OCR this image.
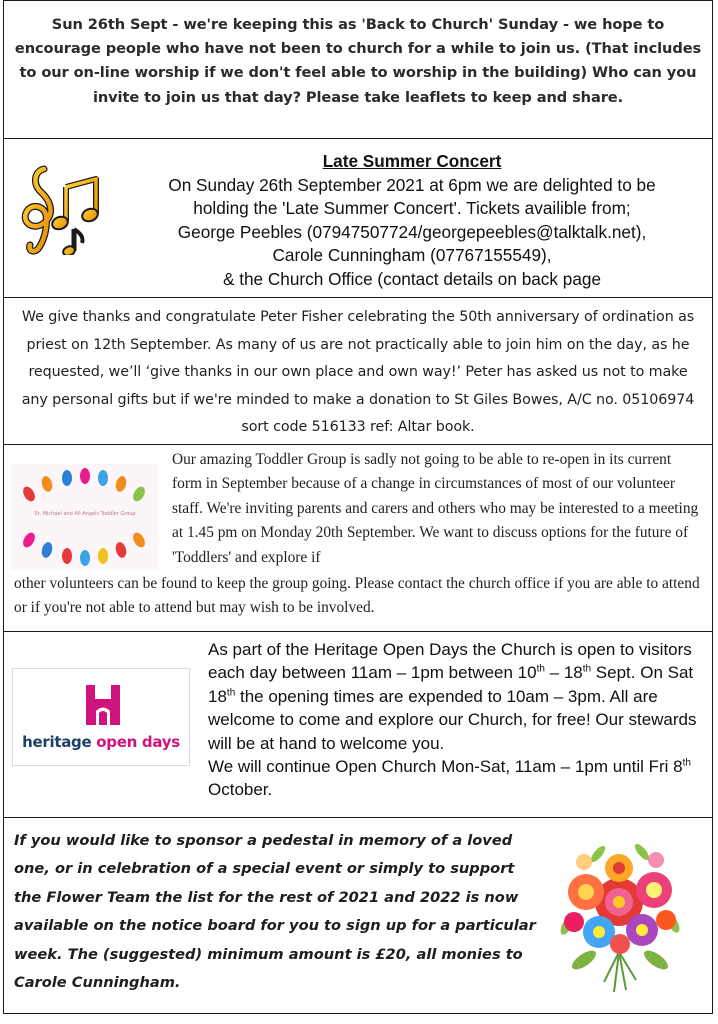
Sun 26th Sept - we're keeping this as 'Back to Church' Sunday - we hope to encourage people who have not been to church for a while to join us. (That includes to our on-line worship if we don't feel able to worship in the building) Who can you invite to join us that day? Please take leaflets to keep and share.

Late Summer Concert
On Sunday 26th September 2021 at 6pm we are delighted to be
holding the 'Late Summer Concert'. Tickets availible from;
George Peebles (07947507724/georgepeebles@talktalk.net),
Carole Cunningham (07767155549),
& the Church Office (contact details on back page

We give thanks and congratulate Peter Fisher celebrating the 50th anniversary of ordination as priest on 12th September. As many of us are not practically able to join him on the day, as he requested, we’ll ‘give thanks in our own place and own way!’ Peter has asked us not to make any personal gifts but if we're minded to make a donation to St Giles Bowes, A/C no. 05106974 sort code 516133 ref: Altar book.

St. Michael and All Angels Toddler Group

Our amazing Toddler Group is sadly not going to be able to re-open in its current form in September because of a change in circumstances of most of our volunteer staff. We're inviting parents and carers and others who may be interested to a meeting at 1.45 pm on Monday 20th September. We want to discuss options for the future of 'Toddlers' and explore if

other volunteers can be found to keep the group going. Please contact the church office if you are able to attend or if you're not able to attend but may wish to be involved.

heritage open days

As part of the Heritage Open Days the Church is open to visitors each day between 11am – 1pm between 10th – 18th Sept. On Sat 18th the opening times are expended to 10am – 3pm. All are welcome to come and explore our Church, for free! Our stewards will be at hand to welcome you.

We will continue Open Church Mon-Sat, 11am – 1pm until Fri 8th October.

If you would like to sponsor a pedestal in memory of a loved one, or in celebration of a special event or simply to support the Flower Team the list for the rest of 2021 and 2022 is now available on the notice board for you to sign up for a particular week. The (suggested) minimum amount is £20, all monies to Carole Cunningham.
